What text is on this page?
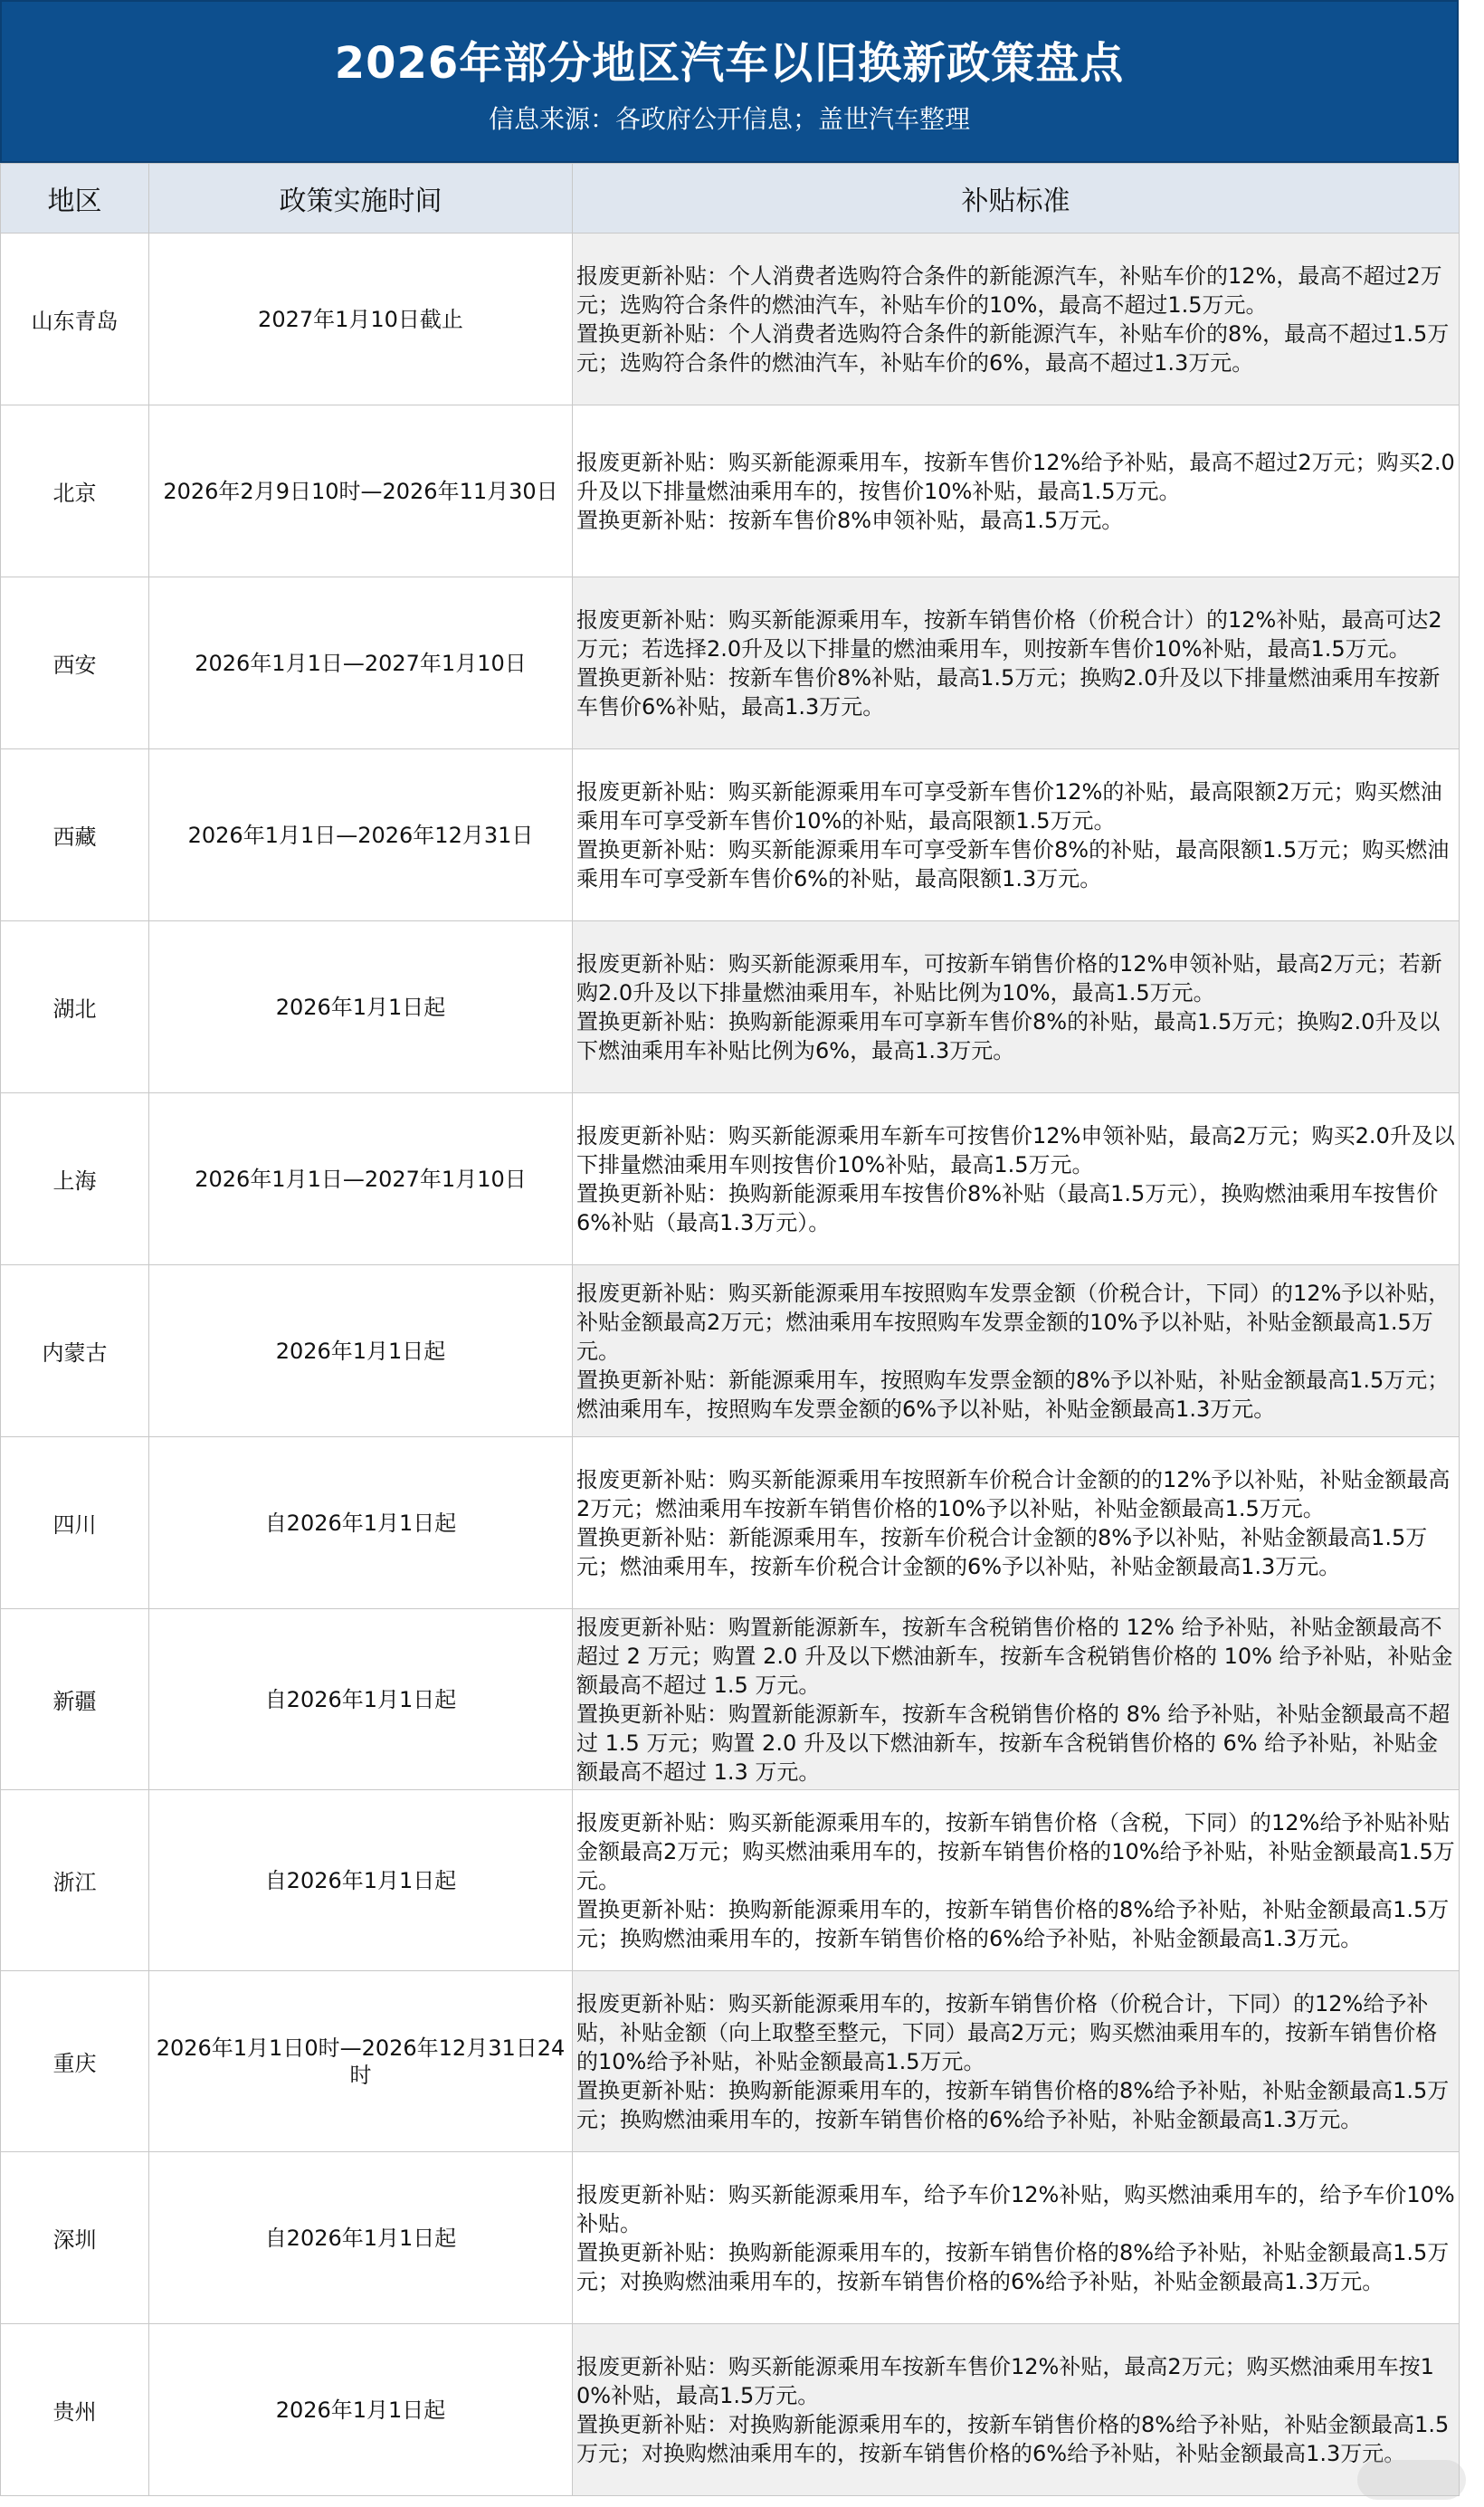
2026年部分地区汽车以旧换新政策盘点
信息来源：各政府公开信息；盖世汽车整理
地区	政策实施时间	补贴标准
山东青岛	2027年1月10日截止	报废更新补贴：个人消费者选购符合条件的新能源汽车，补贴车价的12%，最高不超过2万元；选购符合条件的燃油汽车，补贴车价的10%，最高不超过1.5万元。
置换更新补贴：个人消费者选购符合条件的新能源汽车，补贴车价的8%，最高不超过1.5万元；选购符合条件的燃油汽车，补贴车价的6%，最高不超过1.3万元。
北京	2026年2月9日10时—2026年11月30日	报废更新补贴：购买新能源乘用车，按新车售价12%给予补贴，最高不超过2万元；购买2.0升及以下排量燃油乘用车的，按售价10%补贴，最高1.5万元。
置换更新补贴：按新车售价8%申领补贴，最高1.5万元。
西安	2026年1月1日—2027年1月10日	报废更新补贴：购买新能源乘用车，按新车销售价格（价税合计）的12%补贴，最高可达2万元；若选择2.0升及以下排量的燃油乘用车，则按新车售价10%补贴，最高1.5万元。
置换更新补贴：按新车售价8%补贴，最高1.5万元；换购2.0升及以下排量燃油乘用车按新车售价6%补贴，最高1.3万元。
西藏	2026年1月1日—2026年12月31日	报废更新补贴：购买新能源乘用车可享受新车售价12%的补贴，最高限额2万元；购买燃油乘用车可享受新车售价10%的补贴，最高限额1.5万元。
置换更新补贴：购买新能源乘用车可享受新车售价8%的补贴，最高限额1.5万元；购买燃油乘用车可享受新车售价6%的补贴，最高限额1.3万元。
湖北	2026年1月1日起	报废更新补贴：购买新能源乘用车，可按新车销售价格的12%申领补贴，最高2万元；若新购2.0升及以下排量燃油乘用车，补贴比例为10%，最高1.5万元。
置换更新补贴：换购新能源乘用车可享新车售价8%的补贴，最高1.5万元；换购2.0升及以下燃油乘用车补贴比例为6%，最高1.3万元。
上海	2026年1月1日—2027年1月10日	报废更新补贴：购买新能源乘用车新车可按售价12%申领补贴，最高2万元；购买2.0升及以下排量燃油乘用车则按售价10%补贴，最高1.5万元。
置换更新补贴：换购新能源乘用车按售价8%补贴（最高1.5万元），换购燃油乘用车按售价6%补贴（最高1.3万元）。
内蒙古	2026年1月1日起	报废更新补贴：购买新能源乘用车按照购车发票金额（价税合计，下同）的12%予以补贴，补贴金额最高2万元；燃油乘用车按照购车发票金额的10%予以补贴，补贴金额最高1.5万元。
置换更新补贴：新能源乘用车，按照购车发票金额的8%予以补贴，补贴金额最高1.5万元；燃油乘用车，按照购车发票金额的6%予以补贴，补贴金额最高1.3万元。
四川	自2026年1月1日起	报废更新补贴：购买新能源乘用车按照新车价税合计金额的的12%予以补贴，补贴金额最高2万元；燃油乘用车按新车销售价格的10%予以补贴，补贴金额最高1.5万元。
置换更新补贴：新能源乘用车，按新车价税合计金额的8%予以补贴，补贴金额最高1.5万元；燃油乘用车，按新车价税合计金额的6%予以补贴，补贴金额最高1.3万元。
新疆	自2026年1月1日起	报废更新补贴：购置新能源新车，按新车含税销售价格的 12% 给予补贴，补贴金额最高不超过 2 万元；购置 2.0 升及以下燃油新车，按新车含税销售价格的 10% 给予补贴，补贴金额最高不超过 1.5 万元。
置换更新补贴：购置新能源新车，按新车含税销售价格的 8% 给予补贴，补贴金额最高不超过 1.5 万元；购置 2.0 升及以下燃油新车，按新车含税销售价格的 6% 给予补贴，补贴金额最高不超过 1.3 万元。
浙江	自2026年1月1日起	报废更新补贴：购买新能源乘用车的，按新车销售价格（含税，下同）的12%给予补贴补贴金额最高2万元；购买燃油乘用车的，按新车销售价格的10%给予补贴，补贴金额最高1.5万元。
置换更新补贴：换购新能源乘用车的，按新车销售价格的8%给予补贴，补贴金额最高1.5万元；换购燃油乘用车的，按新车销售价格的6%给予补贴，补贴金额最高1.3万元。
重庆	2026年1月1日0时—2026年12月31日24时	报废更新补贴：购买新能源乘用车的，按新车销售价格（价税合计，下同）的12%给予补贴，补贴金额（向上取整至整元，下同）最高2万元；购买燃油乘用车的，按新车销售价格的10%给予补贴，补贴金额最高1.5万元。
置换更新补贴：换购新能源乘用车的，按新车销售价格的8%给予补贴，补贴金额最高1.5万元；换购燃油乘用车的，按新车销售价格的6%给予补贴，补贴金额最高1.3万元。
深圳	自2026年1月1日起	报废更新补贴：购买新能源乘用车，给予车价12%补贴，购买燃油乘用车的，给予车价10%补贴。
置换更新补贴：换购新能源乘用车的，按新车销售价格的8%给予补贴，补贴金额最高1.5万元；对换购燃油乘用车的，按新车销售价格的6%给予补贴，补贴金额最高1.3万元。
贵州	2026年1月1日起	报废更新补贴：购买新能源乘用车按新车售价12%补贴，最高2万元；购买燃油乘用车按10%补贴，最高1.5万元。
置换更新补贴：对换购新能源乘用车的，按新车销售价格的8%给予补贴，补贴金额最高1.5万元；对换购燃油乘用车的，按新车销售价格的6%给予补贴，补贴金额最高1.3万元。
